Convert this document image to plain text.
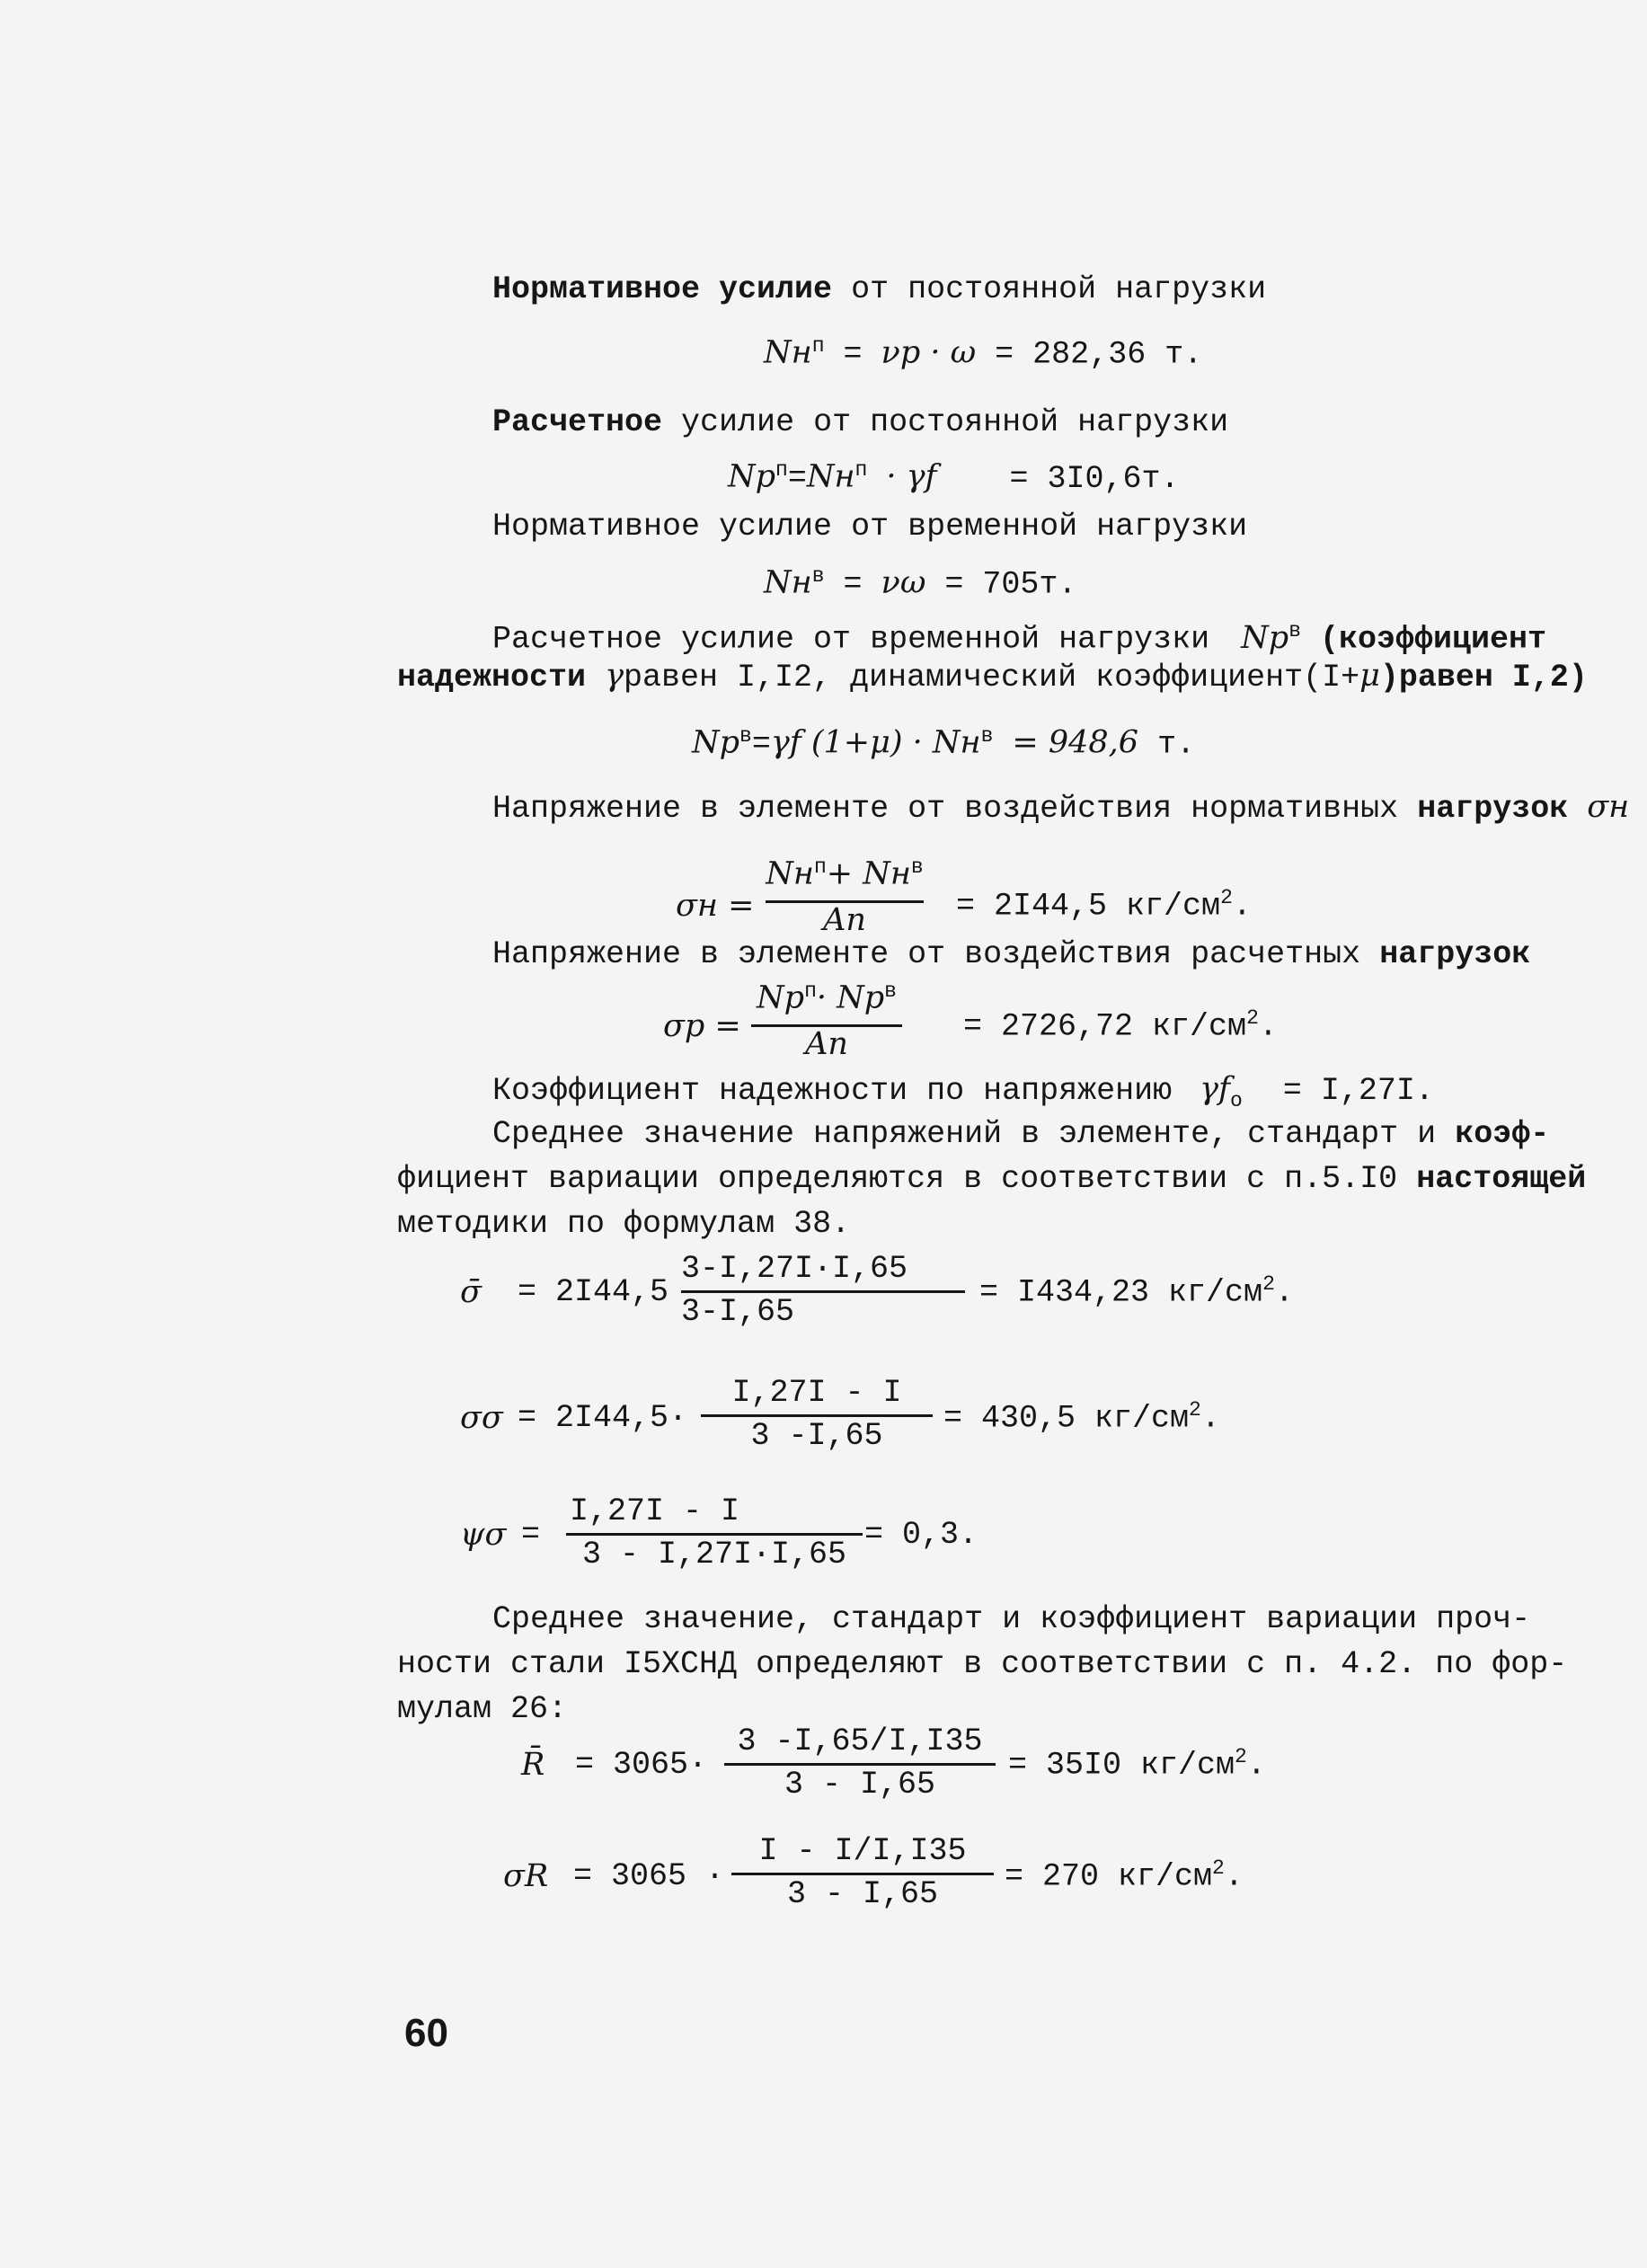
Нормативное усилие от постоянной нагрузки
$Nн^п = \nu p \cdot \omega = 282,36$ т.
Расчетное усилие от постоянной нагрузки
$Np^п=Nн^п \cdot \gamma f = 3I0,6т$.
Нормативное усилие от временной нагрузки
$Nн^в = \nu\omega = 705т$.
Расчетное усилие от временной нагрузки $Np^в$ (коэффициент
надежности γравен I,I2, динамический коэффициент(I+μ)равен I,2)
$Np^в=\gamma f$ $(1+\mu) \cdot Nн^в = 948,6$ т.
Напряжение в элементе от воздействия нормативных нагрузок σн
σн =
$Nн^п+ Nн^в$
An	= 2I44,5 $кг/см^2$.
Напряжение в элементе от воздействия расчетных нагрузок
σp =
$Np^п\cdot Np^в$
An	= 2726,72 $кг/см^2$.
Коэффициент надежности по напряжению $\gamma f_o = I,27I$.
Среднее значение напряжений в элементе, стандарт и коэф-
фициент вариации определяются в соответствии с п.5.I0 настоящей
методики по формулам 38.
σ̄ = 2I44,5
3-I,27I·I,65
3-I,65
= I434,23 $кг/см^2$.
σσ = 2I44,5·
I,27I - I
3 -I,65	= 430,5 $кг/см^2$.
ψσ =
I,27I - I
3 - I,27I·I,65
= 0,3.
Среднее значение, стандарт и коэффициент вариации проч-
ности стали I5ХСНД определяют в соответствии с п. 4.2. по фор-
мулам 26:
R̄ = 3065·
3 -I,65/I,I35
3 - I,65
= 35I0 $кг/см^2$.
σR = 3065 ·
I - I/I,I35
3 - I,65	= 270 $кг/см^2$.
60
